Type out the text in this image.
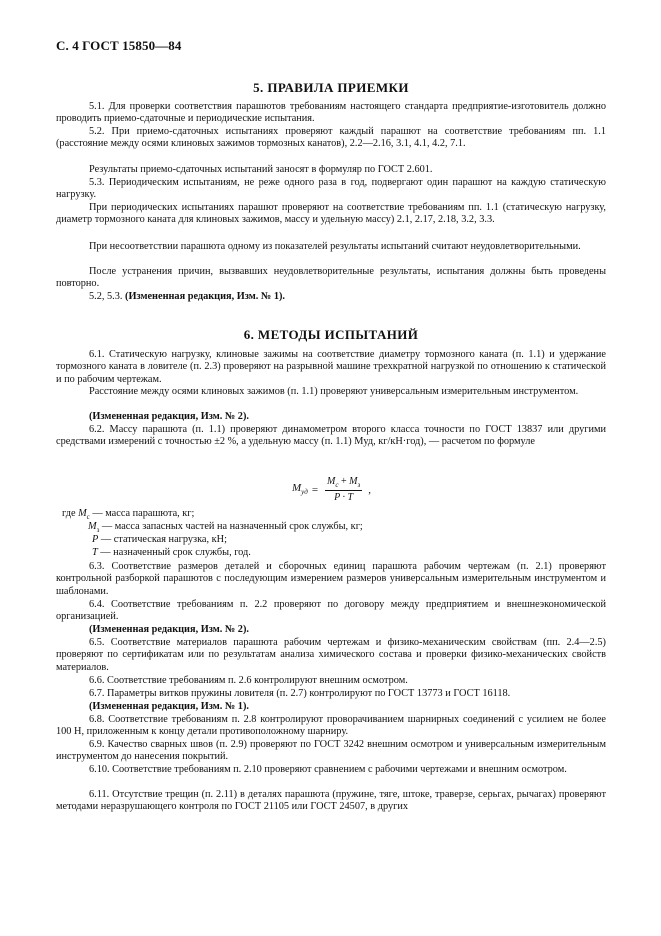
С. 4 ГОСТ 15850—84
5. ПРАВИЛА ПРИЕМКИ

5.1. Для проверки соответствия парашютов требованиям настоящего стандарта предприятие-изготовитель должно проводить приемо-сдаточные и периодические испытания.

5.2. При приемо-сдаточных испытаниях проверяют каждый парашют на соответствие требованиям пп. 1.1 (расстояние между осями клиновых зажимов тормозных канатов), 2.2—2.16, 3.1, 4.1, 4.2, 7.1.

Результаты приемо-сдаточных испытаний заносят в формуляр по ГОСТ 2.601.

5.3. Периодическим испытаниям, не реже одного раза в год, подвергают один парашют на каждую статическую нагрузку.

При периодических испытаниях парашют проверяют на соответствие требованиям пп. 1.1 (статическую нагрузку, диаметр тормозного каната для клиновых зажимов, массу и удельную массу) 2.1, 2.17, 2.18, 3.2, 3.3.

При несоответствии парашюта одному из показателей результаты испытаний считают неудовлетворительными.

После устранения причин, вызвавших неудовлетворительные результаты, испытания должны быть проведены повторно.

5.2, 5.3. (Измененная редакция, Изм. № 1).

6. МЕТОДЫ ИСПЫТАНИЙ

6.1. Статическую нагрузку, клиновые зажимы на соответствие диаметру тормозного каната (п. 1.1) и удержание тормозного каната в ловителе (п. 2.3) проверяют на разрывной машине трехкратной нагрузкой по отношению к статической и по рабочим чертежам.

Расстояние между осями клиновых зажимов (п. 1.1) проверяют универсальным измерительным инструментом.

(Измененная редакция, Изм. № 2).

6.2. Массу парашюта (п. 1.1) проверяют динамометром второго класса точности по ГОСТ 13837 или другими средствами измерений с точностью ±2 %, а удельную массу (п. 1.1) Mуд, кг/кН·год), — расчетом по формуле

$M_{уд} = \frac{M_c + M_з}{P \cdot T}$ ,
где $M_c$ — масса парашюта, кг;
$M_з$ — масса запасных частей на назначенный срок службы, кг;
P — статическая нагрузка, кН;
T — назначенный срок службы, год.

6.3. Соответствие размеров деталей и сборочных единиц парашюта рабочим чертежам (п. 2.1) проверяют контрольной разборкой парашютов с последующим измерением размеров универсальным измерительным инструментом и шаблонами.

6.4. Соответствие требованиям п. 2.2 проверяют по договору между предприятием и внешнеэкономической организацией.

(Измененная редакция, Изм. № 2).

6.5. Соответствие материалов парашюта рабочим чертежам и физико-механическим свойствам (пп. 2.4—2.5) проверяют по сертификатам или по результатам анализа химического состава и проверки физико-механических свойств материалов.

6.6. Соответствие требованиям п. 2.6 контролируют внешним осмотром.

6.7. Параметры витков пружины ловителя (п. 2.7) контролируют по ГОСТ 13773 и ГОСТ 16118.

(Измененная редакция, Изм. № 1).

6.8. Соответствие требованиям п. 2.8 контролируют проворачиванием шарнирных соединений с усилием не более 100 Н, приложенным к концу детали противоположному шарниру.

6.9. Качество сварных швов (п. 2.9) проверяют по ГОСТ 3242 внешним осмотром и универсальным измерительным инструментом до нанесения покрытий.

6.10. Соответствие требованиям п. 2.10 проверяют сравнением с рабочими чертежами и внешним осмотром.

6.11. Отсутствие трещин (п. 2.11) в деталях парашюта (пружине, тяге, штоке, траверзе, серьгах, рычагах) проверяют методами неразрушающего контроля по ГОСТ 21105 или ГОСТ 24507, в других
